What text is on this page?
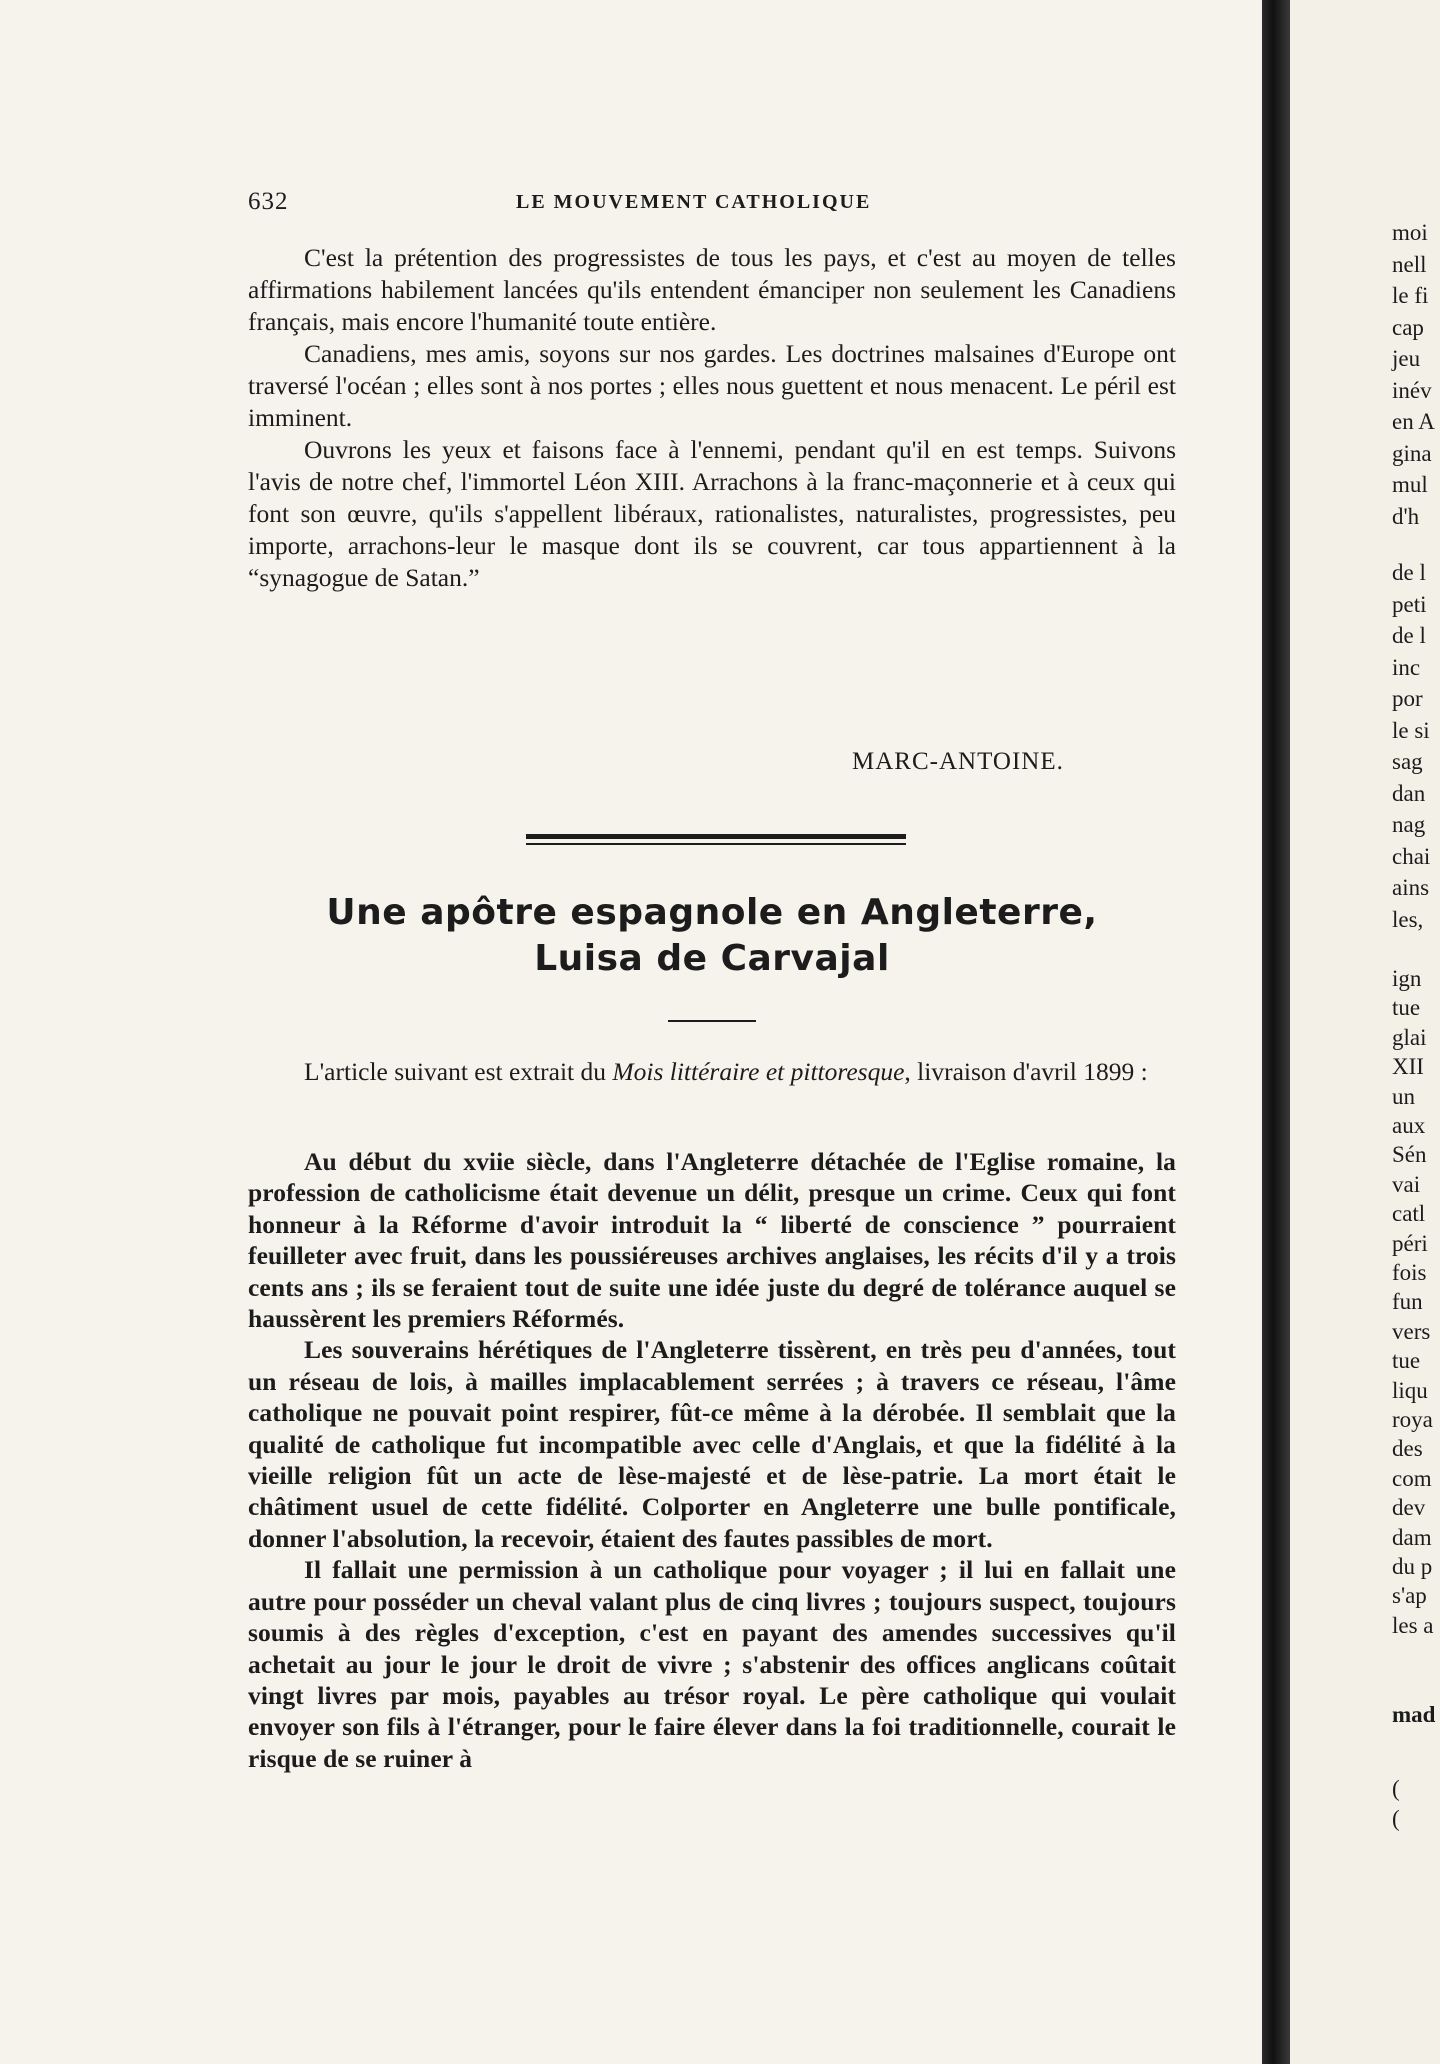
632	LE MOUVEMENT CATHOLIQUE

C'est la prétention des progressistes de tous les pays, et c'est au moyen de telles affirmations habilement lancées qu'ils entendent émanciper non seulement les Canadiens français, mais encore l'humanité toute entière.

Canadiens, mes amis, soyons sur nos gardes. Les doctrines malsaines d'Europe ont traversé l'océan ; elles sont à nos portes ; elles nous guettent et nous menacent. Le péril est imminent.

Ouvrons les yeux et faisons face à l'ennemi, pendant qu'il en est temps. Suivons l'avis de notre chef, l'immortel Léon XIII. Arrachons à la franc-maçonnerie et à ceux qui font son œuvre, qu'ils s'appellent libéraux, rationalistes, naturalistes, progressistes, peu importe, arrachons-leur le masque dont ils se couvrent, car tous appartiennent à la “synagogue de Satan.”

MARC-ANTOINE.
Une apôtre espagnole en Angleterre,
Luisa de Carvajal

L'article suivant est extrait du Mois littéraire et pittoresque, livraison d'avril 1899 :

Au début du xviie siècle, dans l'Angleterre détachée de l'Eglise romaine, la profession de catholicisme était devenue un délit, presque un crime. Ceux qui font honneur à la Réforme d'avoir introduit la “ liberté de conscience ” pourraient feuilleter avec fruit, dans les poussiéreuses archives anglaises, les récits d'il y a trois cents ans ; ils se feraient tout de suite une idée juste du degré de tolérance auquel se haussèrent les premiers Réformés.

Les souverains hérétiques de l'Angleterre tissèrent, en très peu d'années, tout un réseau de lois, à mailles implacablement serrées ; à travers ce réseau, l'âme catholique ne pouvait point respirer, fût-ce même à la dérobée. Il semblait que la qualité de catholique fut incompatible avec celle d'Anglais, et que la fidélité à la vieille religion fût un acte de lèse-majesté et de lèse-patrie. La mort était le châtiment usuel de cette fidélité. Colporter en Angleterre une bulle pontificale, donner l'absolution, la recevoir, étaient des fautes passibles de mort.

Il fallait une permission à un catholique pour voyager ; il lui en fallait une autre pour posséder un cheval valant plus de cinq livres ; toujours suspect, toujours soumis à des règles d'exception, c'est en payant des amendes successives qu'il achetait au jour le jour le droit de vivre ; s'abstenir des offices anglicans coûtait vingt livres par mois, payables au trésor royal. Le père catholique qui voulait envoyer son fils à l'étranger, pour le faire élever dans la foi traditionnelle, courait le risque de se ruiner à

moi
nell
le fi
cap
jeu
inév
en A
gina
mul
d'h
de l
peti
de l
inc
por
le si
sag
dan
nag
chai
ains
les,
ign
tue
glai
XII
un
aux
Sén
vai
catl
péri
fois
fun
vers
tue
liqu
roya
des
com
dev
dam
du p
s'ap
les a
mad
(
(
